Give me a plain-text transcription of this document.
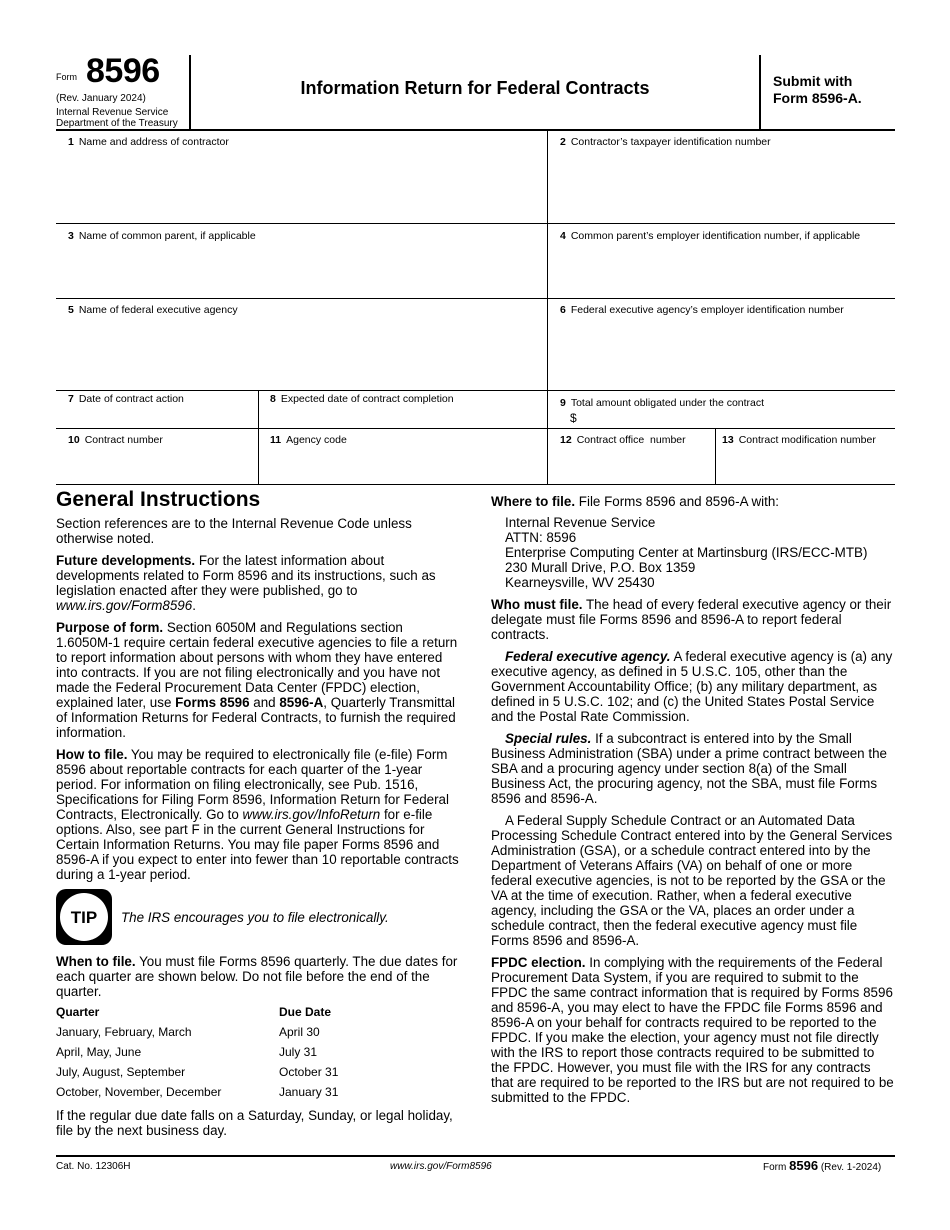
Form 8596
(Rev. January 2024)
Internal Revenue Service
Department of the Treasury
Information Return for Federal Contracts	Submit with
Form 8596-A.
1 Name and address of contractor	2 Contractor’s taxpayer identification number
3 Name of common parent, if applicable	4 Common parent’s employer identification number, if applicable
5 Name of federal executive agency	6 Federal executive agency’s employer identification number
7 Date of contract action	8 Expected date of contract completion	9 Total amount obligated under the contract
$
10 Contract number	11 Agency code	12 Contract office  number	13 Contract modification number
General Instructions

Section references are to the Internal Revenue Code unless otherwise noted.

Future developments. For the latest information about developments related to Form 8596 and its instructions, such as legislation enacted after they were published, go to www.irs.gov/Form8596.

Purpose of form. Section 6050M and Regulations section 1.6050M-1 require certain federal executive agencies to file a return to report information about persons with whom they have entered into contracts. If you are not filing electronically and you have not made the Federal Procurement Data Center (FPDC) election, explained later, use Forms 8596 and 8596-A, Quarterly Transmittal of Information Returns for Federal Contracts, to furnish the required information.

How to file. You may be required to electronically file (e-file) Form 8596 about reportable contracts for each quarter of the 1-year period. For information on filing electronically, see Pub. 1516, Specifications for Filing Form 8596, Information Return for Federal Contracts, Electronically. Go to www.irs.gov/InfoReturn for e-file options. Also, see part F in the current General Instructions for Certain Information Returns. You may file paper Forms 8596 and 8596-A if you expect to enter into fewer than 10 reportable contracts during a 1-year period.

TIP	The IRS encourages you to file electronically.

When to file. You must file Forms 8596 quarterly. The due dates for each quarter are shown below. Do not file before the end of the quarter.

Quarter	Due Date
January, February, March	April 30
April, May, June	July 31
July, August, September	October 31
October, November, December	January 31

If the regular due date falls on a Saturday, Sunday, or legal holiday, file by the next business day.

Where to file. File Forms 8596 and 8596-A with:

Internal Revenue Service
ATTN: 8596
Enterprise Computing Center at Martinsburg (IRS/ECC-MTB)
230 Murall Drive, P.O. Box 1359
Kearneysville, WV 25430

Who must file. The head of every federal executive agency or their delegate must file Forms 8596 and 8596-A to report federal contracts.

Federal executive agency. A federal executive agency is (a) any executive agency, as defined in 5 U.S.C. 105, other than the Government Accountability Office; (b) any military department, as defined in 5 U.S.C. 102; and (c) the United States Postal Service and the Postal Rate Commission.

Special rules. If a subcontract is entered into by the Small Business Administration (SBA) under a prime contract between the SBA and a procuring agency under section 8(a) of the Small Business Act, the procuring agency, not the SBA, must file Forms 8596 and 8596-A.

A Federal Supply Schedule Contract or an Automated Data Processing Schedule Contract entered into by the General Services Administration (GSA), or a schedule contract entered into by the Department of Veterans Affairs (VA) on behalf of one or more federal executive agencies, is not to be reported by the GSA or the VA at the time of execution. Rather, when a federal executive agency, including the GSA or the VA, places an order under a schedule contract, then the federal executive agency must file Forms 8596 and 8596-A.

FPDC election. In complying with the requirements of the Federal Procurement Data System, if you are required to submit to the FPDC the same contract information that is required by Forms 8596 and 8596-A, you may elect to have the FPDC file Forms 8596 and 8596-A on your behalf for contracts required to be reported to the FPDC. If you make the election, your agency must not file directly with the IRS to report those contracts required to be submitted to the FPDC. However, you must file with the IRS for any contracts that are required to be reported to the IRS but are not required to be submitted to the FPDC.

Cat. No. 12306H	www.irs.gov/Form8596	Form 8596 (Rev. 1-2024)
